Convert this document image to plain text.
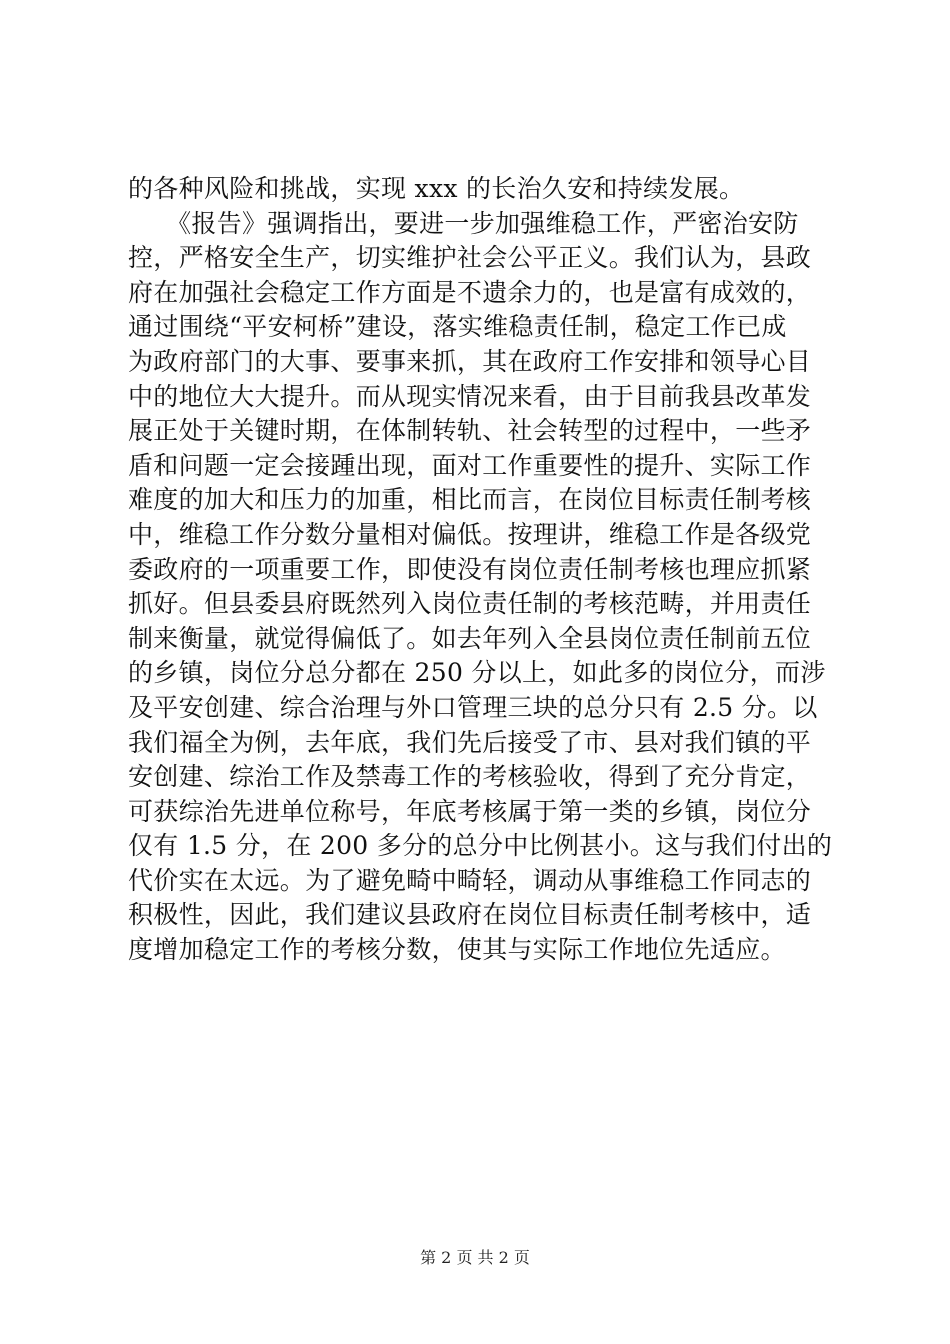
的各种风险和挑战，实现 xxx 的长治久安和持续发展。
　　《报告》强调指出，要进一步加强维稳工作，严密治安防
控，严格安全生产，切实维护社会公平正义。我们认为，县政
府在加强社会稳定工作方面是不遗余力的，也是富有成效的，
通过围绕“平安柯桥”建设，落实维稳责任制，稳定工作已成
为政府部门的大事、要事来抓，其在政府工作安排和领导心目
中的地位大大提升。而从现实情况来看，由于目前我县改革发
展正处于关键时期，在体制转轨、社会转型的过程中，一些矛
盾和问题一定会接踵出现，面对工作重要性的提升、实际工作
难度的加大和压力的加重，相比而言，在岗位目标责任制考核
中，维稳工作分数分量相对偏低。按理讲，维稳工作是各级党
委政府的一项重要工作，即使没有岗位责任制考核也理应抓紧
抓好。但县委县府既然列入岗位责任制的考核范畴，并用责任
制来衡量，就觉得偏低了。如去年列入全县岗位责任制前五位
的乡镇，岗位分总分都在 250 分以上，如此多的岗位分，而涉
及平安创建、综合治理与外口管理三块的总分只有 2.5 分。以
我们福全为例，去年底，我们先后接受了市、县对我们镇的平
安创建、综治工作及禁毒工作的考核验收，得到了充分肯定，
可获综治先进单位称号，年底考核属于第一类的乡镇，岗位分
仅有 1.5 分，在 200 多分的总分中比例甚小。这与我们付出的
代价实在太远。为了避免畸中畸轻，调动从事维稳工作同志的
积极性，因此，我们建议县政府在岗位目标责任制考核中，适
度增加稳定工作的考核分数，使其与实际工作地位先适应。
第 2 页 共 2 页
